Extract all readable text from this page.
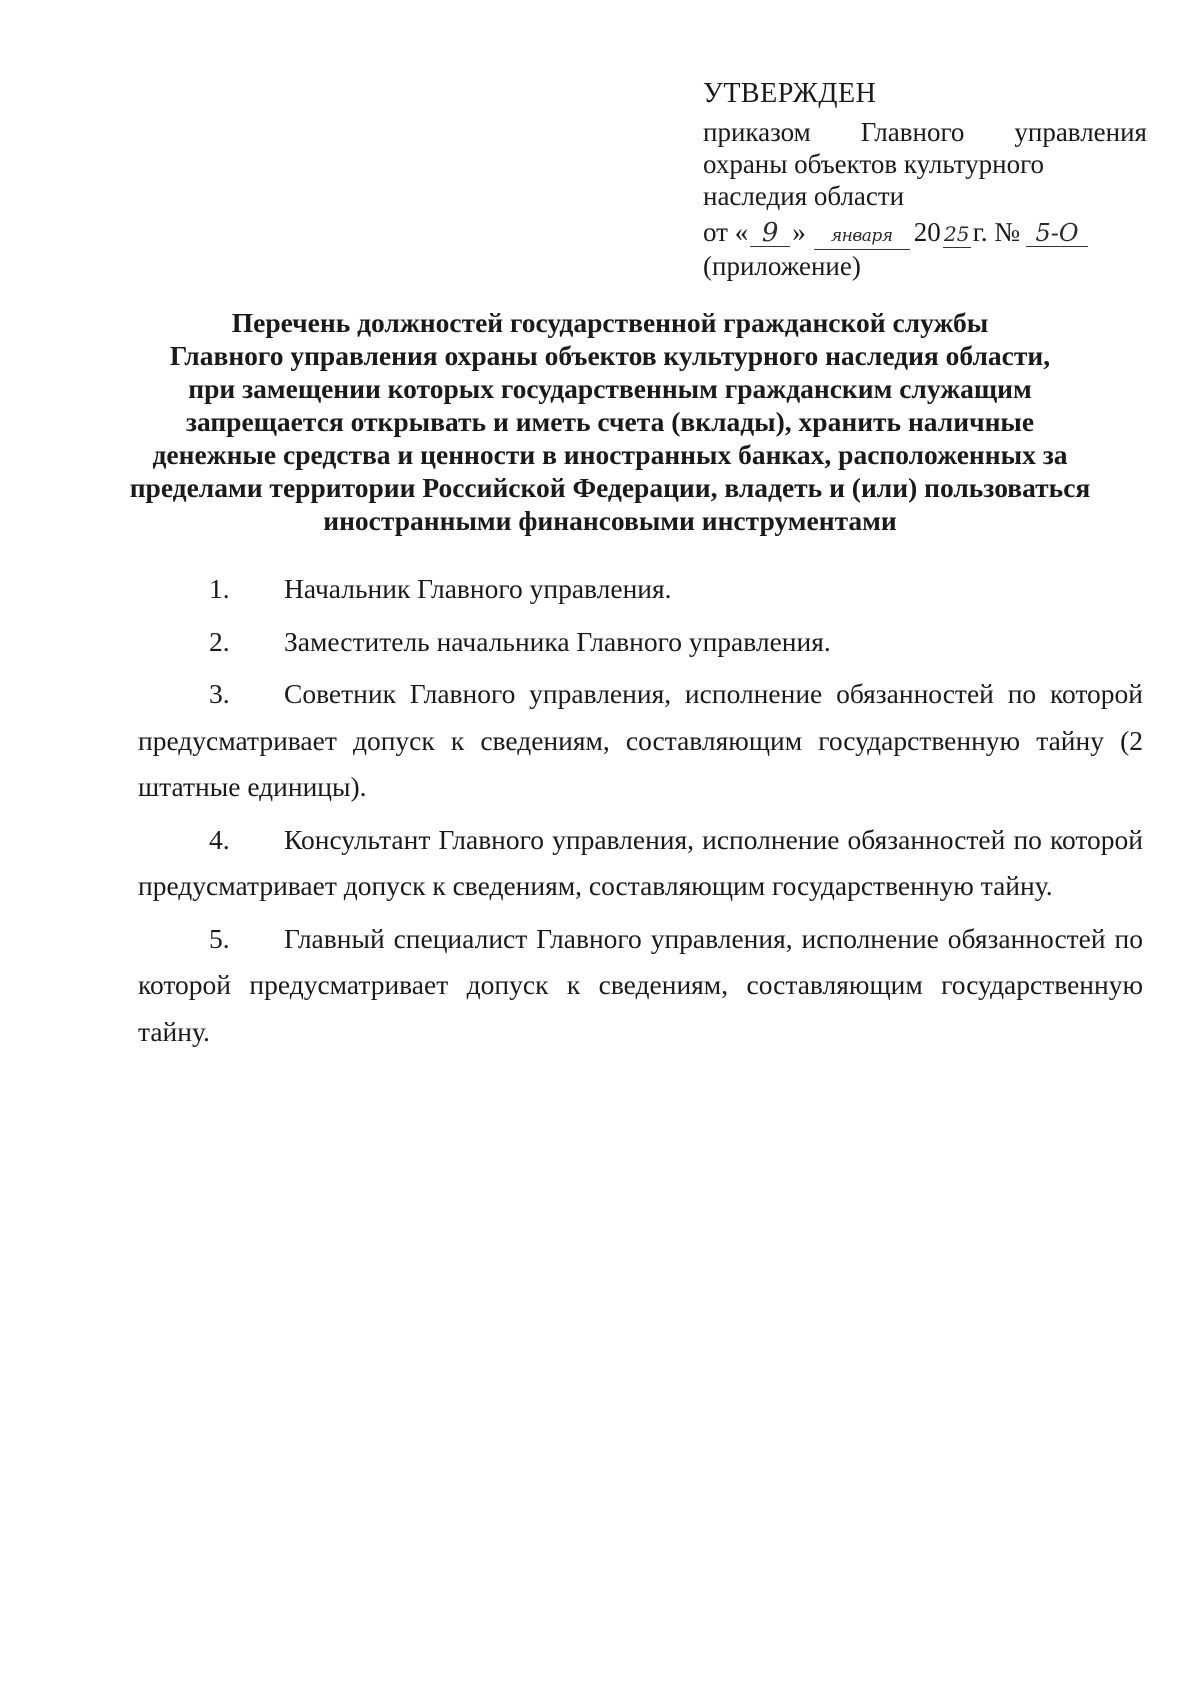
УТВЕРЖДЕН
приказом Главного управления
охраны объектов культурного
наследия области
от « 9 »	января 20 25 г. № 5-О
(приложение)
Перечень должностей государственной гражданской службы
Главного управления охраны объектов культурного наследия области,
при замещении которых государственным гражданским служащим
запрещается открывать и иметь счета (вклады), хранить наличные
денежные средства и ценности в иностранных банках, расположенных за
пределами территории Российской Федерации, владеть и (или) пользоваться
иностранными финансовыми инструментами
1. Начальник Главного управления.
2. Заместитель начальника Главного управления.
3. Советник Главного управления, исполнение обязанностей по которой предусматривает допуск к сведениям, составляющим государственную тайну (2 штатные единицы).
4. Консультант Главного управления, исполнение обязанностей по которой предусматривает допуск к сведениям, составляющим государственную тайну.
5. Главный специалист Главного управления, исполнение обязанностей по которой предусматривает допуск к сведениям, составляющим государственную тайну.
